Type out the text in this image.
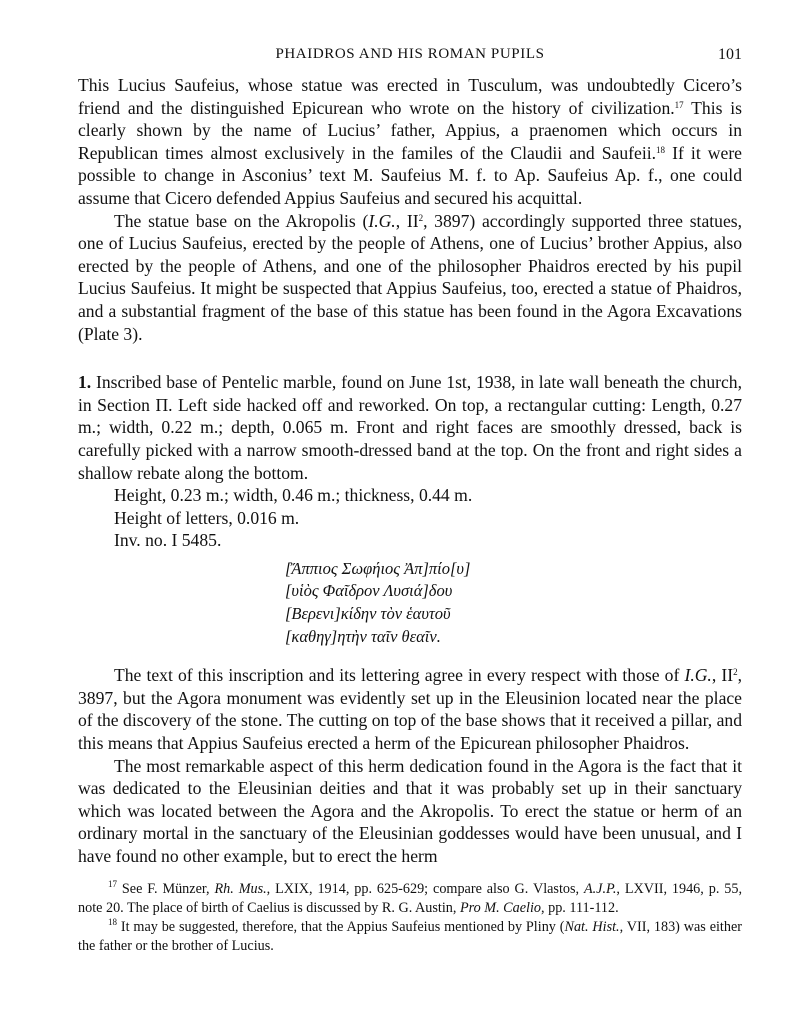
PHAIDROS AND HIS ROMAN PUPILS	101

This Lucius Saufeius, whose statue was erected in Tusculum, was undoubtedly Cicero’s friend and the distinguished Epicurean who wrote on the history of civilization.$^{17}$ This is clearly shown by the name of Lucius’ father, Appius, a praenomen which occurs in Republican times almost exclusively in the familes of the Claudii and Saufeii.$^{18}$ If it were possible to change in Asconius’ text M. Saufeius M. f. to Ap. Saufeius Ap. f., one could assume that Cicero defended Appius Saufeius and secured his acquittal.

The statue base on the Akropolis (I.G., $II^2$, 3897) accordingly supported three statues, one of Lucius Saufeius, erected by the people of Athens, one of Lucius’ brother Appius, also erected by the people of Athens, and one of the philosopher Phaidros erected by his pupil Lucius Saufeius. It might be suspected that Appius Saufeius, too, erected a statue of Phaidros, and a substantial fragment of the base of this statue has been found in the Agora Excavations (Plate 3).

1. Inscribed base of Pentelic marble, found on June 1st, 1938, in late wall beneath the church, in Section Π. Left side hacked off and reworked. On top, a rectangular cutting: Length, 0.27 m.; width, 0.22 m.; depth, 0.065 m. Front and right faces are smoothly dressed, back is carefully picked with a narrow smooth-dressed band at the top. On the front and right sides a shallow rebate along the bottom.

Height, 0.23 m.; width, 0.46 m.; thickness, 0.44 m.
Height of letters, 0.016 m.
Inv. no. I 5485.
[Ἄππιος Σωφήιος Ἀπ]πίο[υ]
[υἱὸς Φαῖδρον Λυσιά]δου
[Βερενι]κίδην τὸν ἑαυτοῦ
[καθηγ]ητὴν ταῖν θεαῖν.

The text of this inscription and its lettering agree in every respect with those of I.G., $II^2$, 3897, but the Agora monument was evidently set up in the Eleusinion located near the place of the discovery of the stone. The cutting on top of the base shows that it received a pillar, and this means that Appius Saufeius erected a herm of the Epicurean philosopher Phaidros.

The most remarkable aspect of this herm dedication found in the Agora is the fact that it was dedicated to the Eleusinian deities and that it was probably set up in their sanctuary which was located between the Agora and the Akropolis. To erect the statue or herm of an ordinary mortal in the sanctuary of the Eleusinian goddesses would have been unusual, and I have found no other example, but to erect the herm

$^{17}$ See F. Münzer, Rh. Mus., LXIX, 1914, pp. 625-629; compare also G. Vlastos, A.J.P., LXVII, 1946, p. 55, note 20. The place of birth of Caelius is discussed by R. G. Austin, Pro M. Caelio, pp. 111-112.

$^{18}$ It may be suggested, therefore, that the Appius Saufeius mentioned by Pliny (Nat. Hist., VII, 183) was either the father or the brother of Lucius.
